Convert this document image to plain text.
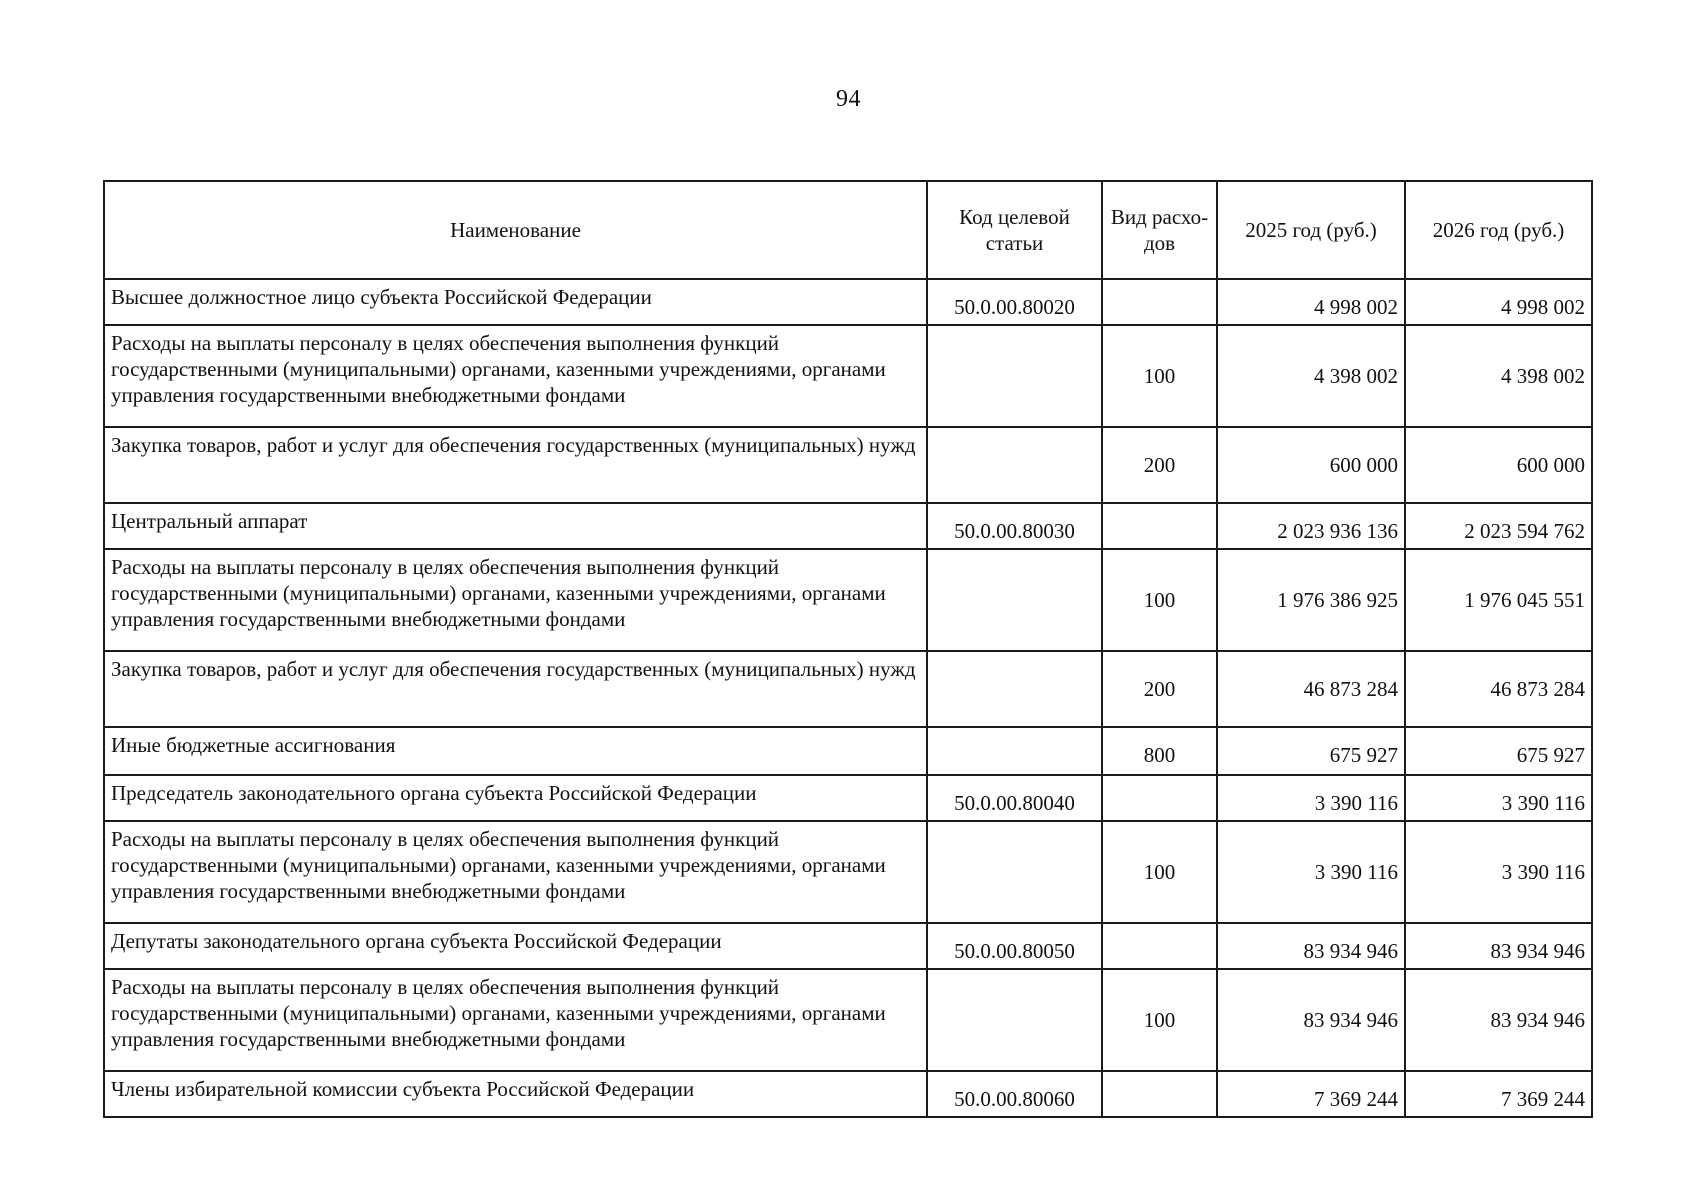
94
Наименование	Код целевой статьи	Вид расхо- дов	2025 год (руб.)	2026 год (руб.)
Высшее должностное лицо субъекта Российской Федерации	50.0.00.80020		4 998 002	4 998 002
Расходы на выплаты персоналу в целях обеспечения выполнения функций государственными (муниципальными) органами, казенными учреждениями, органами управления государственными внебюджетными фондами		100	4 398 002	4 398 002
Закупка товаров, работ и услуг для обеспечения государственных (муниципальных) нужд		200	600 000	600 000
Центральный аппарат	50.0.00.80030		2 023 936 136	2 023 594 762
Расходы на выплаты персоналу в целях обеспечения выполнения функций государственными (муниципальными) органами, казенными учреждениями, органами управления государственными внебюджетными фондами		100	1 976 386 925	1 976 045 551
Закупка товаров, работ и услуг для обеспечения государственных (муниципальных) нужд		200	46 873 284	46 873 284
Иные бюджетные ассигнования		800	675 927	675 927
Председатель законодательного органа субъекта Российской Федерации	50.0.00.80040		3 390 116	3 390 116
Расходы на выплаты персоналу в целях обеспечения выполнения функций государственными (муниципальными) органами, казенными учреждениями, органами управления государственными внебюджетными фондами		100	3 390 116	3 390 116
Депутаты законодательного органа субъекта Российской Федерации	50.0.00.80050		83 934 946	83 934 946
Расходы на выплаты персоналу в целях обеспечения выполнения функций государственными (муниципальными) органами, казенными учреждениями, органами управления государственными внебюджетными фондами		100	83 934 946	83 934 946
Члены избирательной комиссии субъекта Российской Федерации	50.0.00.80060		7 369 244	7 369 244
